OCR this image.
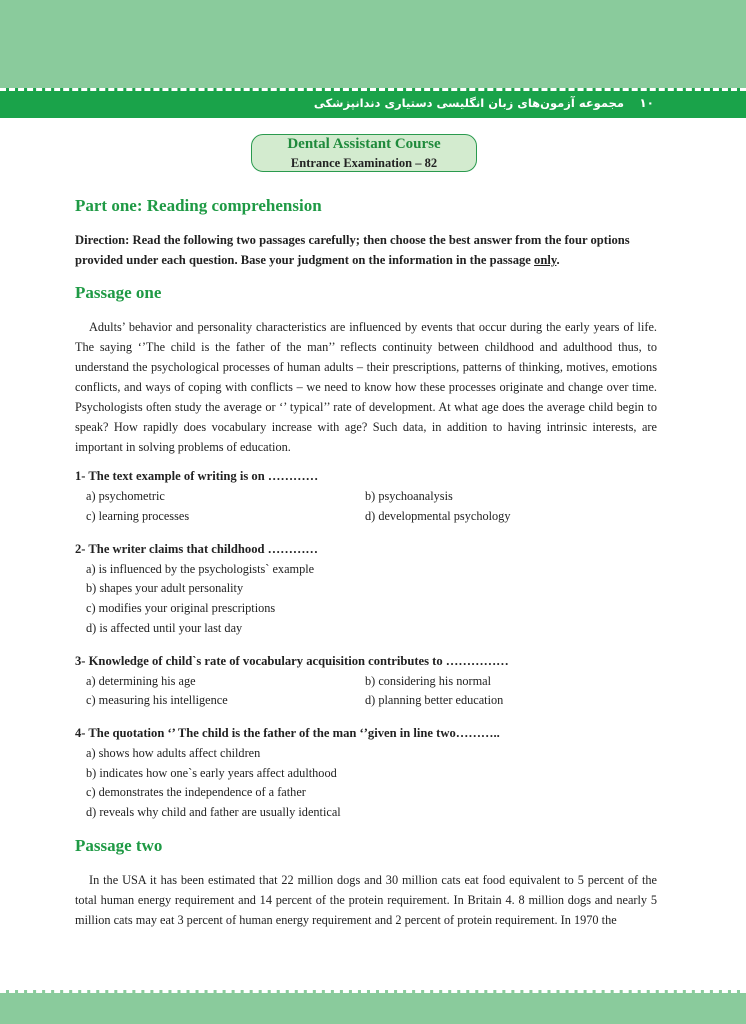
۱۰
مجموعه آزمون‌های زبان انگلیسی دستیاری دندانپزشکی
Dental Assistant Course
Entrance Examination – 82
Part one: Reading comprehension
Direction: Read the following two passages carefully; then choose the best answer from the four options provided under each question. Base your judgment on the information in the passage only.
Passage one
Adults’ behavior and personality characteristics are influenced by events that occur during the early years of life. The saying ‘’The child is the father of the man’’ reflects continuity between childhood and adulthood thus, to understand the psychological processes of human adults – their prescriptions, patterns of thinking, motives, emotions conflicts, and ways of coping with conflicts – we need to know how these processes originate and change over time. Psychologists often study the average or ‘’ typical’’ rate of development. At what age does the average child begin to speak? How rapidly does vocabulary increase with age? Such data, in addition to having intrinsic interests, are important in solving problems of education.
1- The text example of writing is on …………
a) psychometric	b) psychoanalysis
c) learning processes	d) developmental psychology
2- The writer claims that childhood …………
a) is influenced by the psychologists` example
b) shapes your adult personality
c) modifies your original prescriptions
d) is affected until your last day
3- Knowledge of child`s rate of vocabulary acquisition contributes to ……………
a) determining his age	b) considering his normal
c) measuring his intelligence	d) planning better education
4- The quotation ‘’ The child is the father of the man ‘’given in line two………..
a) shows how adults affect children
b) indicates how one`s early years affect adulthood
c) demonstrates the independence of a father
d) reveals why child and father are usually identical
Passage two
In the USA it has been estimated that 22 million dogs and 30 million cats eat food equivalent to 5 percent of the total human energy requirement and 14 percent of the protein requirement. In Britain 4. 8 million dogs and nearly 5 million cats may eat 3 percent of human energy requirement and 2 percent of protein requirement. In 1970 the
